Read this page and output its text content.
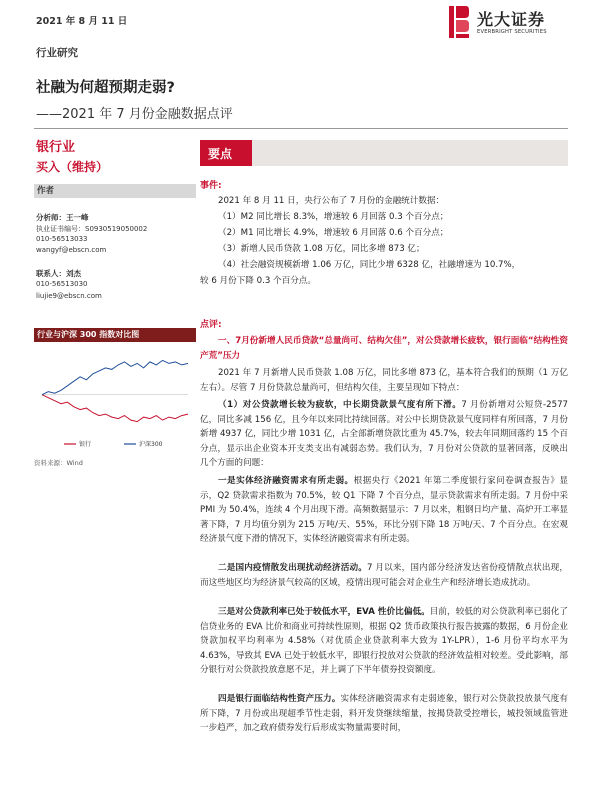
2021 年 8 月 11 日	光大证券
EVERBRIGHT SECURITIES
行业研究
社融为何超预期走弱?
——2021 年 7 月份金融数据点评
银行业
买入（维持）
作者
分析师：王一峰
执业证书编号：S0930519050002
010-56513033
wangyf@ebscn.com
联系人：刘杰
010-56513030
liujie9@ebscn.com
行业与沪深 300 指数对比图
银行	沪深300
资料来源：Wind
要点
事件:
2021 年 8 月 11 日，央行公布了 7 月份的金融统计数据：
（1）M2 同比增长 8.3%，增速较 6 月回落 0.3 个百分点；
（2）M1 同比增长 4.9%，增速较 6 月回落 0.6 个百分点；
（3）新增人民币贷款 1.08 万亿，同比多增 873 亿；
（4）社会融资规模新增 1.06 万亿，同比少增 6328 亿，社融增速为 10.7%，
较 6 月份下降 0.3 个百分点。
点评:
一、7月份新增人民币贷款“总量尚可、结构欠佳”，对公贷款增长疲软，银行面临“结构性资产荒”压力
2021 年 7 月新增人民币贷款 1.08 万亿，同比多增 873 亿，基本符合我们的预期（1 万亿左右）。尽管 7 月份贷款总量尚可，但结构欠佳，主要呈现如下特点：
（1）对公贷款增长较为疲软，中长期贷款景气度有所下滑。7 月份新增对公短贷-2577 亿，同比多减 156 亿，且今年以来同比持续回落。对公中长期贷款景气度同样有所回落，7 月份新增 4937 亿，同比少增 1031 亿，占全部新增贷款比重为 45.7%，较去年同期回落约 15 个百分点，显示出企业资本开支类支出有减弱态势。我们认为，7 月份对公贷款的显著回落，反映出几个方面的问题：
一是实体经济融资需求有所走弱。根据央行《2021 年第二季度银行家问卷调查报告》显示，Q2 贷款需求指数为 70.5%，较 Q1 下降 7 个百分点，显示贷款需求有所走弱。7 月份中采 PMI 为 50.4%，连续 4 个月出现下滑。高频数据显示：7 月以来，粗钢日均产量、高炉开工率显著下降，7 月均值分别为 215 万吨/天、55%，环比分别下降 18 万吨/天、7 个百分点。在宏观经济景气度下滑的情况下，实体经济融资需求有所走弱。
二是国内疫情散发出现扰动经济活动。7 月以来，国内部分经济发达省份疫情散点状出现，而这些地区均为经济景气较高的区域，疫情出现可能会对企业生产和经济增长造成扰动。
三是对公贷款利率已处于较低水平，EVA 性价比偏低。目前，较低的对公贷款利率已弱化了信贷业务的 EVA 比价和商业可持续性原则，根据 Q2 货币政策执行报告披露的数据，6 月份企业贷款加权平均利率为 4.58%（对优质企业贷款利率大致为 1Y-LPR），1-6 月份平均水平为 4.63%，导致其 EVA 已处于较低水平，即银行投放对公贷款的经济效益相对较差。受此影响，部分银行对公贷款投放意愿不足，并上调了下半年债券投资额度。
四是银行面临结构性资产压力。实体经济融资需求有走弱迹象，银行对公贷款投放景气度有所下降，7 月份或出现超季节性走弱，料开发贷继续缩量，按揭贷款受控增长，城投领域监管进一步趋严，加之政府债券发行后形成实物量需要时间，
